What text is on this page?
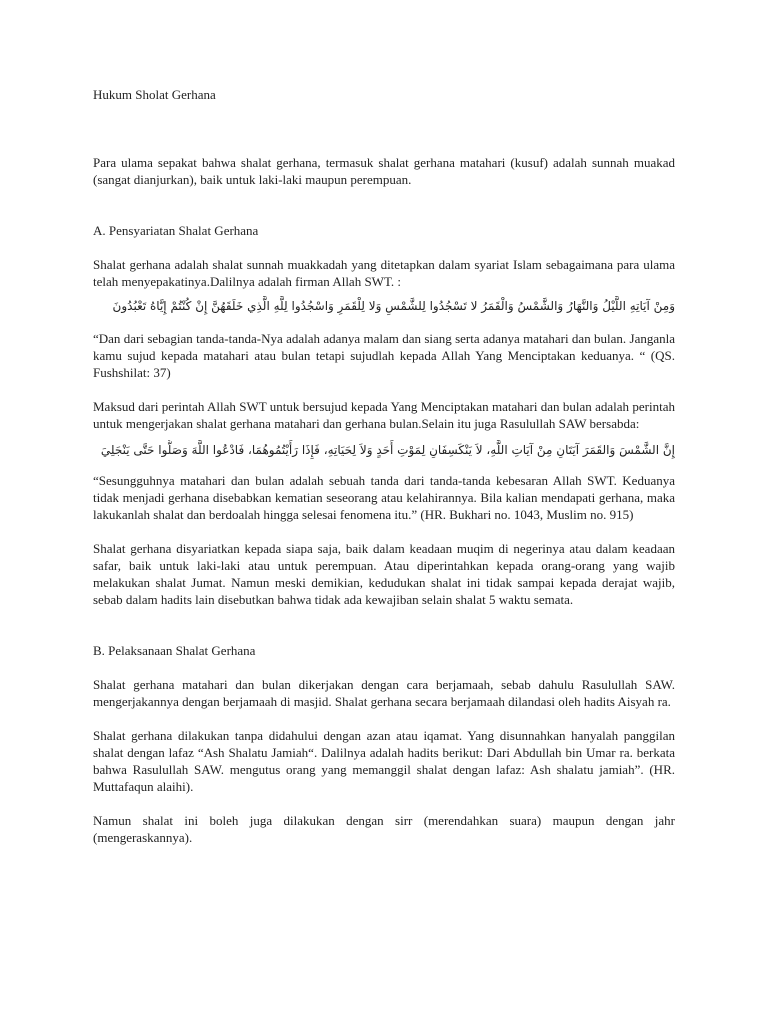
Hukum Sholat Gerhana

Para ulama sepakat bahwa shalat gerhana, termasuk shalat gerhana matahari (kusuf) adalah sunnah muakad (sangat dianjurkan), baik untuk laki-laki maupun perempuan.

A. Pensyariatan Shalat Gerhana

Shalat gerhana adalah shalat sunnah muakkadah yang ditetapkan dalam syariat Islam sebagaimana para ulama telah menyepakatinya.Dalilnya adalah firman Allah SWT. :

وَمِنْ آيَاتِهِ اللَّيْلُ وَالنَّهَارُ وَالشَّمْسُ وَالْقَمَرُ لا تَسْجُدُوا لِلشَّمْسِ وَلا لِلْقَمَرِ وَاسْجُدُوا لِلَّهِ الَّذِي خَلَقَهُنَّ إِنْ كُنْتُمْ إِيَّاهُ تَعْبُدُونَ

“Dan dari sebagian tanda-tanda-Nya adalah adanya malam dan siang serta adanya matahari dan bulan. Janganla kamu sujud kepada matahari atau bulan tetapi sujudlah kepada Allah Yang Menciptakan keduanya. “ (QS. Fushshilat: 37)

Maksud dari perintah Allah SWT untuk bersujud kepada Yang Menciptakan matahari dan bulan adalah perintah untuk mengerjakan shalat gerhana matahari dan gerhana bulan.Selain itu juga Rasulullah SAW bersabda:

إِنَّ الشَّمْسَ وَالقَمَرَ آيَتَانِ مِنْ آيَاتِ اللَّهِ، لاَ يَنْكَسِفَانِ لِمَوْتِ أَحَدٍ وَلاَ لِحَيَاتِهِ، فَإِذَا رَأَيْتُمُوهُمَا، فَادْعُوا اللَّهَ وَصَلُّوا حَتَّى يَنْجَلِيَ

“Sesungguhnya matahari dan bulan adalah sebuah tanda dari tanda-tanda kebesaran Allah SWT. Keduanya tidak menjadi gerhana disebabkan kematian seseorang atau kelahirannya. Bila kalian mendapati gerhana, maka lakukanlah shalat dan berdoalah hingga selesai fenomena itu.” (HR. Bukhari no. 1043, Muslim no. 915)

Shalat gerhana disyariatkan kepada siapa saja, baik dalam keadaan muqim di negerinya atau dalam keadaan safar, baik untuk laki-laki atau untuk perempuan. Atau diperintahkan kepada orang-orang yang wajib melakukan shalat Jumat. Namun meski demikian, kedudukan shalat ini tidak sampai kepada derajat wajib, sebab dalam hadits lain disebutkan bahwa tidak ada kewajiban selain shalat 5 waktu semata.

B. Pelaksanaan Shalat Gerhana

Shalat gerhana matahari dan bulan dikerjakan dengan cara berjamaah, sebab dahulu Rasulullah SAW. mengerjakannya dengan berjamaah di masjid. Shalat gerhana secara berjamaah dilandasi oleh hadits Aisyah ra.

Shalat gerhana dilakukan tanpa didahului dengan azan atau iqamat. Yang disunnahkan hanyalah panggilan shalat dengan lafaz “Ash Shalatu Jamiah“. Dalilnya adalah hadits berikut: Dari Abdullah bin Umar ra. berkata bahwa Rasulullah SAW. mengutus orang yang memanggil shalat dengan lafaz: Ash shalatu jamiah”. (HR. Muttafaqun alaihi).

Namun shalat ini boleh juga dilakukan dengan sirr (merendahkan suara) maupun dengan jahr (mengeraskannya).
